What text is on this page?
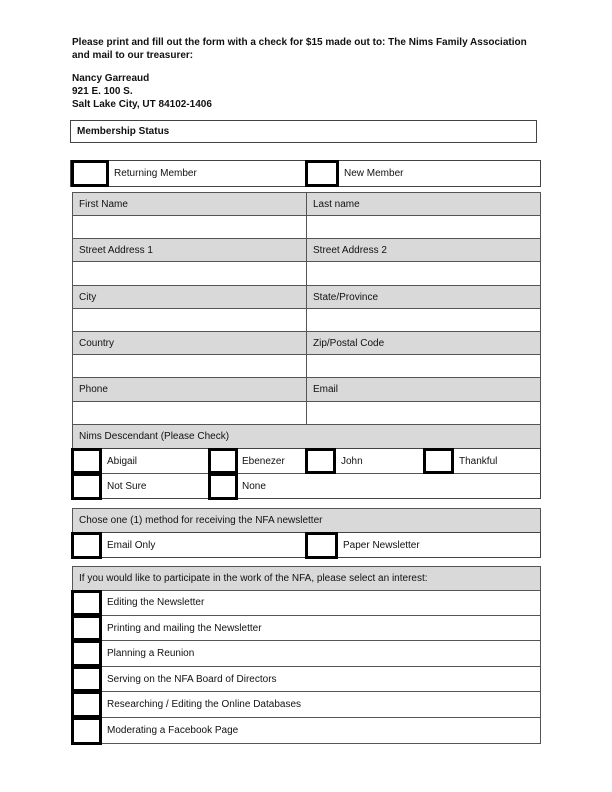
Please print and fill out the form with a check for $15 made out to: The Nims Family Association and mail to our treasurer:
Nancy Garreaud
921 E. 100 S.
Salt Lake City, UT 84102-1406
Membership Status
Returning Member	New Member
First Name	Last name
Street Address 1	Street Address 2
City	State/Province
Country	Zip/Postal Code
Phone	Email
Nims Descendant (Please Check)
Abigail	Ebenezer	John	Thankful
Not Sure	None
Chose one (1) method for receiving the NFA newsletter
Email Only	Paper Newsletter
If you would like to participate in the work of the NFA, please select an interest:
Editing the Newsletter
Printing and mailing the Newsletter
Planning a Reunion
Serving on the NFA Board of Directors
Researching / Editing the Online Databases
Moderating a Facebook Page
